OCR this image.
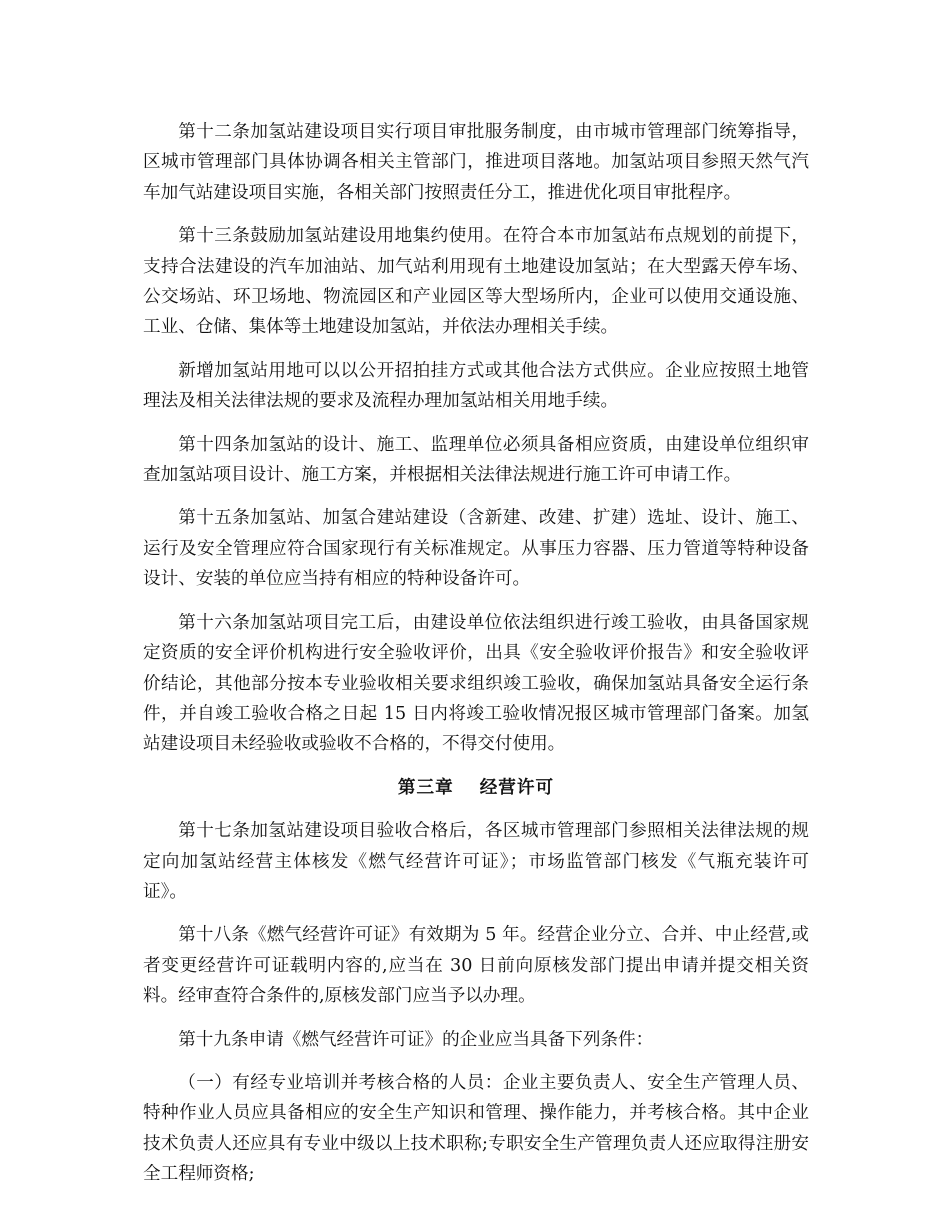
第十二条加氢站建设项目实行项目审批服务制度，由市城市管理部门统筹指导，区城市管理部门具体协调各相关主管部门，推进项目落地。加氢站项目参照天然气汽车加气站建设项目实施，各相关部门按照责任分工，推进优化项目审批程序。

第十三条鼓励加氢站建设用地集约使用。在符合本市加氢站布点规划的前提下，支持合法建设的汽车加油站、加气站利用现有土地建设加氢站；在大型露天停车场、公交场站、环卫场地、物流园区和产业园区等大型场所内，企业可以使用交通设施、工业、仓储、集体等土地建设加氢站，并依法办理相关手续。

新增加氢站用地可以以公开招拍挂方式或其他合法方式供应。企业应按照土地管理法及相关法律法规的要求及流程办理加氢站相关用地手续。

第十四条加氢站的设计、施工、监理单位必须具备相应资质，由建设单位组织审查加氢站项目设计、施工方案，并根据相关法律法规进行施工许可申请工作。

第十五条加氢站、加氢合建站建设（含新建、改建、扩建）选址、设计、施工、运行及安全管理应符合国家现行有关标准规定。从事压力容器、压力管道等特种设备设计、安装的单位应当持有相应的特种设备许可。

第十六条加氢站项目完工后，由建设单位依法组织进行竣工验收，由具备国家规定资质的安全评价机构进行安全验收评价，出具《安全验收评价报告》和安全验收评价结论，其他部分按本专业验收相关要求组织竣工验收，确保加氢站具备安全运行条件，并自竣工验收合格之日起 15 日内将竣工验收情况报区城市管理部门备案。加氢站建设项目未经验收或验收不合格的，不得交付使用。

第三章 经营许可

第十七条加氢站建设项目验收合格后，各区城市管理部门参照相关法律法规的规定向加氢站经营主体核发《燃气经营许可证》；市场监管部门核发《气瓶充装许可证》。

第十八条《燃气经营许可证》有效期为 5 年。经营企业分立、合并、中止经营,或者变更经营许可证载明内容的,应当在 30 日前向原核发部门提出申请并提交相关资料。经审查符合条件的,原核发部门应当予以办理。

第十九条申请《燃气经营许可证》的企业应当具备下列条件：

（一）有经专业培训并考核合格的人员：企业主要负责人、安全生产管理人员、特种作业人员应具备相应的安全生产知识和管理、操作能力，并考核合格。其中企业技术负责人还应具有专业中级以上技术职称;专职安全生产管理负责人还应取得注册安全工程师资格;
